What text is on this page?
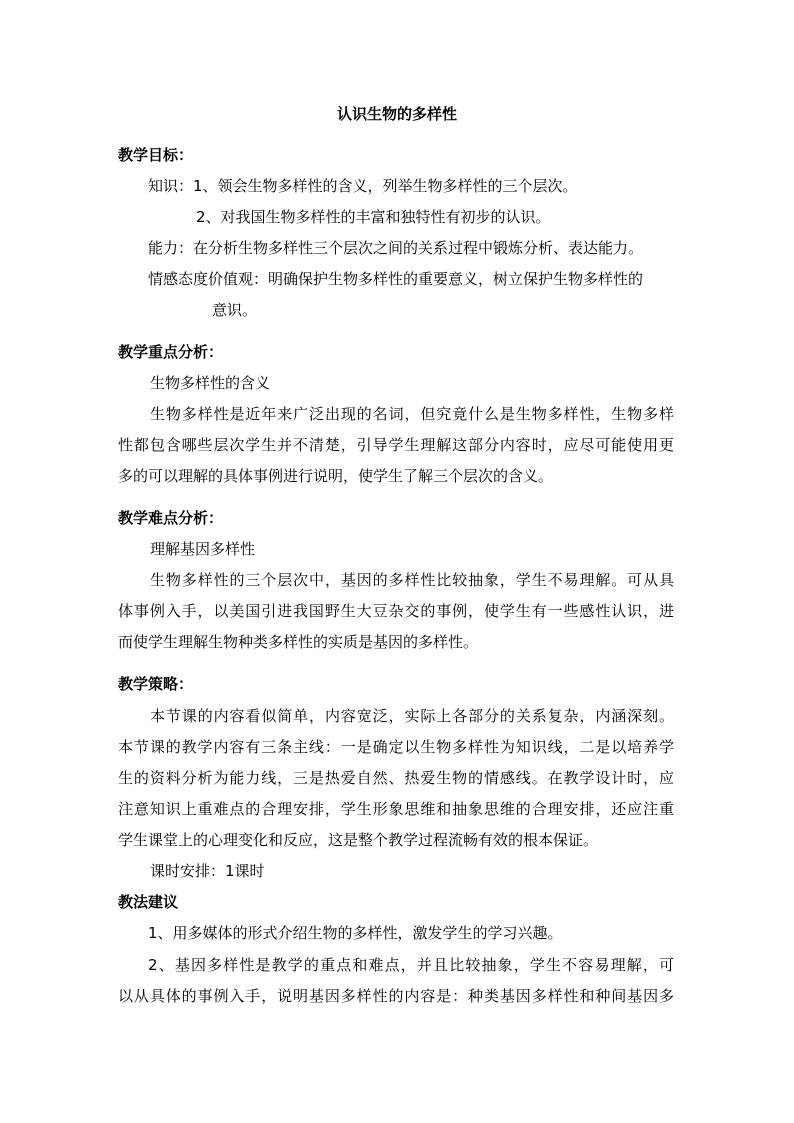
认识生物的多样性
教学目标：
知识：1、领会生物多样性的含义，列举生物多样性的三个层次。
2、对我国生物多样性的丰富和独特性有初步的认识。
能力：在分析生物多样性三个层次之间的关系过程中锻炼分析、表达能力。
情感态度价值观：明确保护生物多样性的重要意义，树立保护生物多样性的
意识。
教学重点分析：
生物多样性的含义
生物多样性是近年来广泛出现的名词，但究竟什么是生物多样性，生物多样
性都包含哪些层次学生并不清楚，引导学生理解这部分内容时，应尽可能使用更
多的可以理解的具体事例进行说明，使学生了解三个层次的含义。
教学难点分析：
理解基因多样性
生物多样性的三个层次中，基因的多样性比较抽象，学生不易理解。可从具
体事例入手，以美国引进我国野生大豆杂交的事例，使学生有一些感性认识，进
而使学生理解生物种类多样性的实质是基因的多样性。
教学策略：
本节课的内容看似简单，内容宽泛，实际上各部分的关系复杂，内涵深刻。
本节课的教学内容有三条主线：一是确定以生物多样性为知识线，二是以培养学
生的资料分析为能力线，三是热爱自然、热爱生物的情感线。在教学设计时，应
注意知识上重难点的合理安排，学生形象思维和抽象思维的合理安排，还应注重
学生课堂上的心理变化和反应，这是整个教学过程流畅有效的根本保证。
课时安排：1课时
教法建议
1、用多媒体的形式介绍生物的多样性，激发学生的学习兴趣。
2、基因多样性是教学的重点和难点，并且比较抽象，学生不容易理解，可
以从具体的事例入手，说明基因多样性的内容是：种类基因多样性和种间基因多
